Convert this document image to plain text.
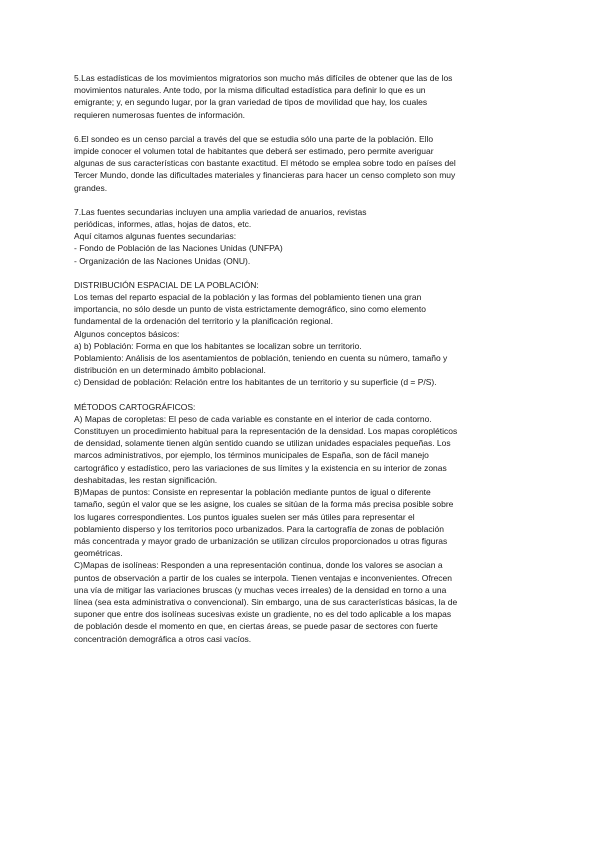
5.Las estadísticas de los movimientos migratorios son mucho más difíciles de obtener que las de los
movimientos naturales. Ante todo, por la misma dificultad estadística para definir lo que es un
emigrante; y, en segundo lugar, por la gran variedad de tipos de movilidad que hay, los cuales
requieren numerosas fuentes de información.
6.El sondeo es un censo parcial a través del que se estudia sólo una parte de la población. Ello
impide conocer el volumen total de habitantes que deberá ser estimado, pero permite averiguar
algunas de sus características con bastante exactitud. El método se emplea sobre todo en países del
Tercer Mundo, donde las dificultades materiales y financieras para hacer un censo completo son muy
grandes.
7.Las fuentes secundarias incluyen una amplia variedad de anuarios, revistas
periódicas, informes, atlas, hojas de datos, etc.
Aquí citamos algunas fuentes secundarias:
- Fondo de Población de las Naciones Unidas (UNFPA)
- Organización de las Naciones Unidas (ONU).
DISTRIBUCIÓN ESPACIAL DE LA POBLACIÓN:
Los temas del reparto espacial de la población y las formas del poblamiento tienen una gran
importancia, no sólo desde un punto de vista estrictamente demográfico, sino como elemento
fundamental de la ordenación del territorio y la planificación regional.
Algunos conceptos básicos:
a) b) Población: Forma en que los habitantes se localizan sobre un territorio.
Poblamiento: Análisis de los asentamientos de población, teniendo en cuenta su número, tamaño y
distribución en un determinado ámbito poblacional.
c) Densidad de población: Relación entre los habitantes de un territorio y su superficie (d = P/S).
MÉTODOS CARTOGRÁFICOS:
A) Mapas de coropletas: El peso de cada variable es constante en el interior de cada contorno.
Constituyen un procedimiento habitual para la representación de la densidad. Los mapas coropléticos
de densidad, solamente tienen algún sentido cuando se utilizan unidades espaciales pequeñas. Los
marcos administrativos, por ejemplo, los términos municipales de España, son de fácil manejo
cartográfico y estadístico, pero las variaciones de sus límites y la existencia en su interior de zonas
deshabitadas, les restan significación.
B)Mapas de puntos: Consiste en representar la población mediante puntos de igual o diferente
tamaño, según el valor que se les asigne, los cuales se sitúan de la forma más precisa posible sobre
los lugares correspondientes. Los puntos iguales suelen ser más útiles para representar el
poblamiento disperso y los territorios poco urbanizados. Para la cartografía de zonas de población
más concentrada y mayor grado de urbanización se utilizan círculos proporcionados u otras figuras
geométricas.
C)Mapas de isolíneas: Responden a una representación continua, donde los valores se asocian a
puntos de observación a partir de los cuales se interpola. Tienen ventajas e inconvenientes. Ofrecen
una vía de mitigar las variaciones bruscas (y muchas veces irreales) de la densidad en torno a una
línea (sea esta administrativa o convencional). Sin embargo, una de sus características básicas, la de
suponer que entre dos isolíneas sucesivas existe un gradiente, no es del todo aplicable a los mapas
de población desde el momento en que, en ciertas áreas, se puede pasar de sectores con fuerte
concentración demográfica a otros casi vacíos.
